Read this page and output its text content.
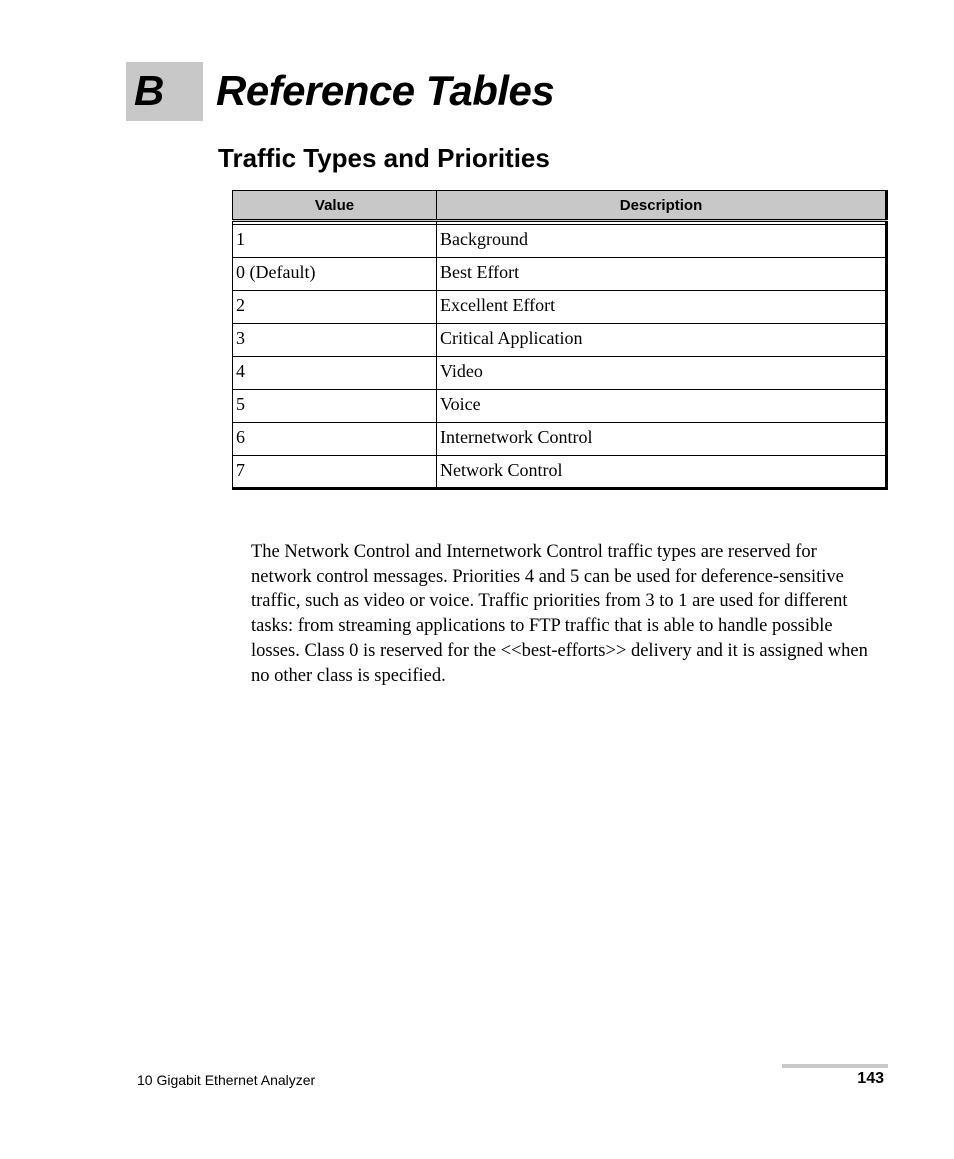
B Reference Tables
Traffic Types and Priorities
Value	Description

1	Background
0 (Default)	Best Effort
2	Excellent Effort
3	Critical Application
4	Video
5	Voice
6	Internetwork Control
7	Network Control

The Network Control and Internetwork Control traffic types are reserved for network control messages. Priorities 4 and 5 can be used for deference-sensitive traffic, such as video or voice. Traffic priorities from 3 to 1 are used for different tasks: from streaming applications to FTP traffic that is able to handle possible losses. Class 0 is reserved for the <<best-efforts>> delivery and it is assigned when no other class is specified.

10 Gigabit Ethernet Analyzer	143
